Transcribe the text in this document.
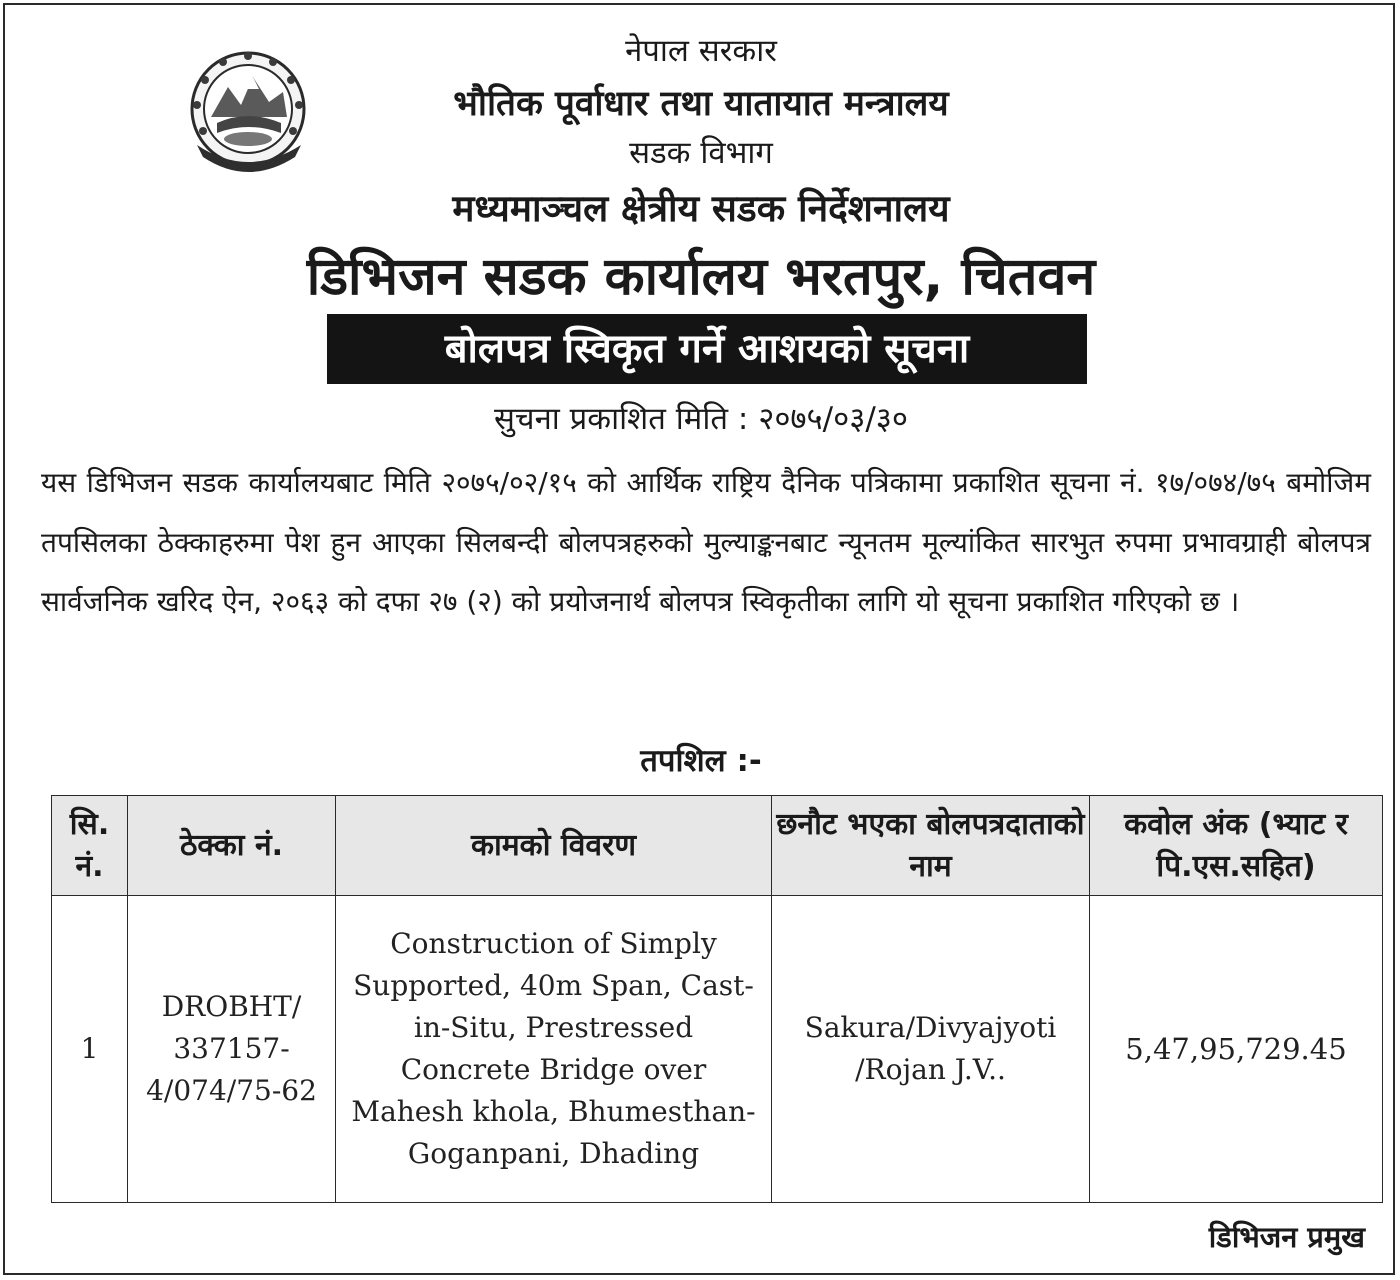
नेपाल सरकार
भौतिक पूर्वाधार तथा यातायात मन्त्रालय
सडक विभाग
मध्यमाञ्चल क्षेत्रीय सडक निर्देशनालय
डिभिजन सडक कार्यालय भरतपुर, चितवन
बोलपत्र स्विकृत गर्ने आशयको सूचना
सुचना प्रकाशित मिति : २०७५/०३/३०
यस डिभिजन सडक कार्यालयबाट मिति २०७५/०२/१५ को आर्थिक राष्ट्रिय दैनिक पत्रिकामा प्रकाशित सूचना नं. १७/०७४/७५ बमोजिम तपसिलका ठेक्काहरुमा पेश हुन आएका सिलबन्दी बोलपत्रहरुको मुल्याङ्कनबाट न्यूनतम मूल्यांकित सारभुत रुपमा प्रभावग्राही बोलपत्र सार्वजनिक खरिद ऐन, २०६३ को दफा २७ (२) को प्रयोजनार्थ बोलपत्र स्विकृतीका लागि यो सूचना प्रकाशित गरिएको छ ।
तपशिल :-
सि. नं.	ठेक्का नं.	कामको विवरण	छनौट भएका बोलपत्रदाताको नाम	कवोल अंक (भ्याट र पि.एस.सहित)
1	DROBHT/ 337157- 4/074/75-62	Construction of Simply Supported, 40m Span, Cast-in-Situ, Prestressed Concrete Bridge over Mahesh khola, Bhumesthan-Goganpani, Dhading	Sakura/Divyajyoti /Rojan J.V..	5,47,95,729.45
डिभिजन प्रमुख
